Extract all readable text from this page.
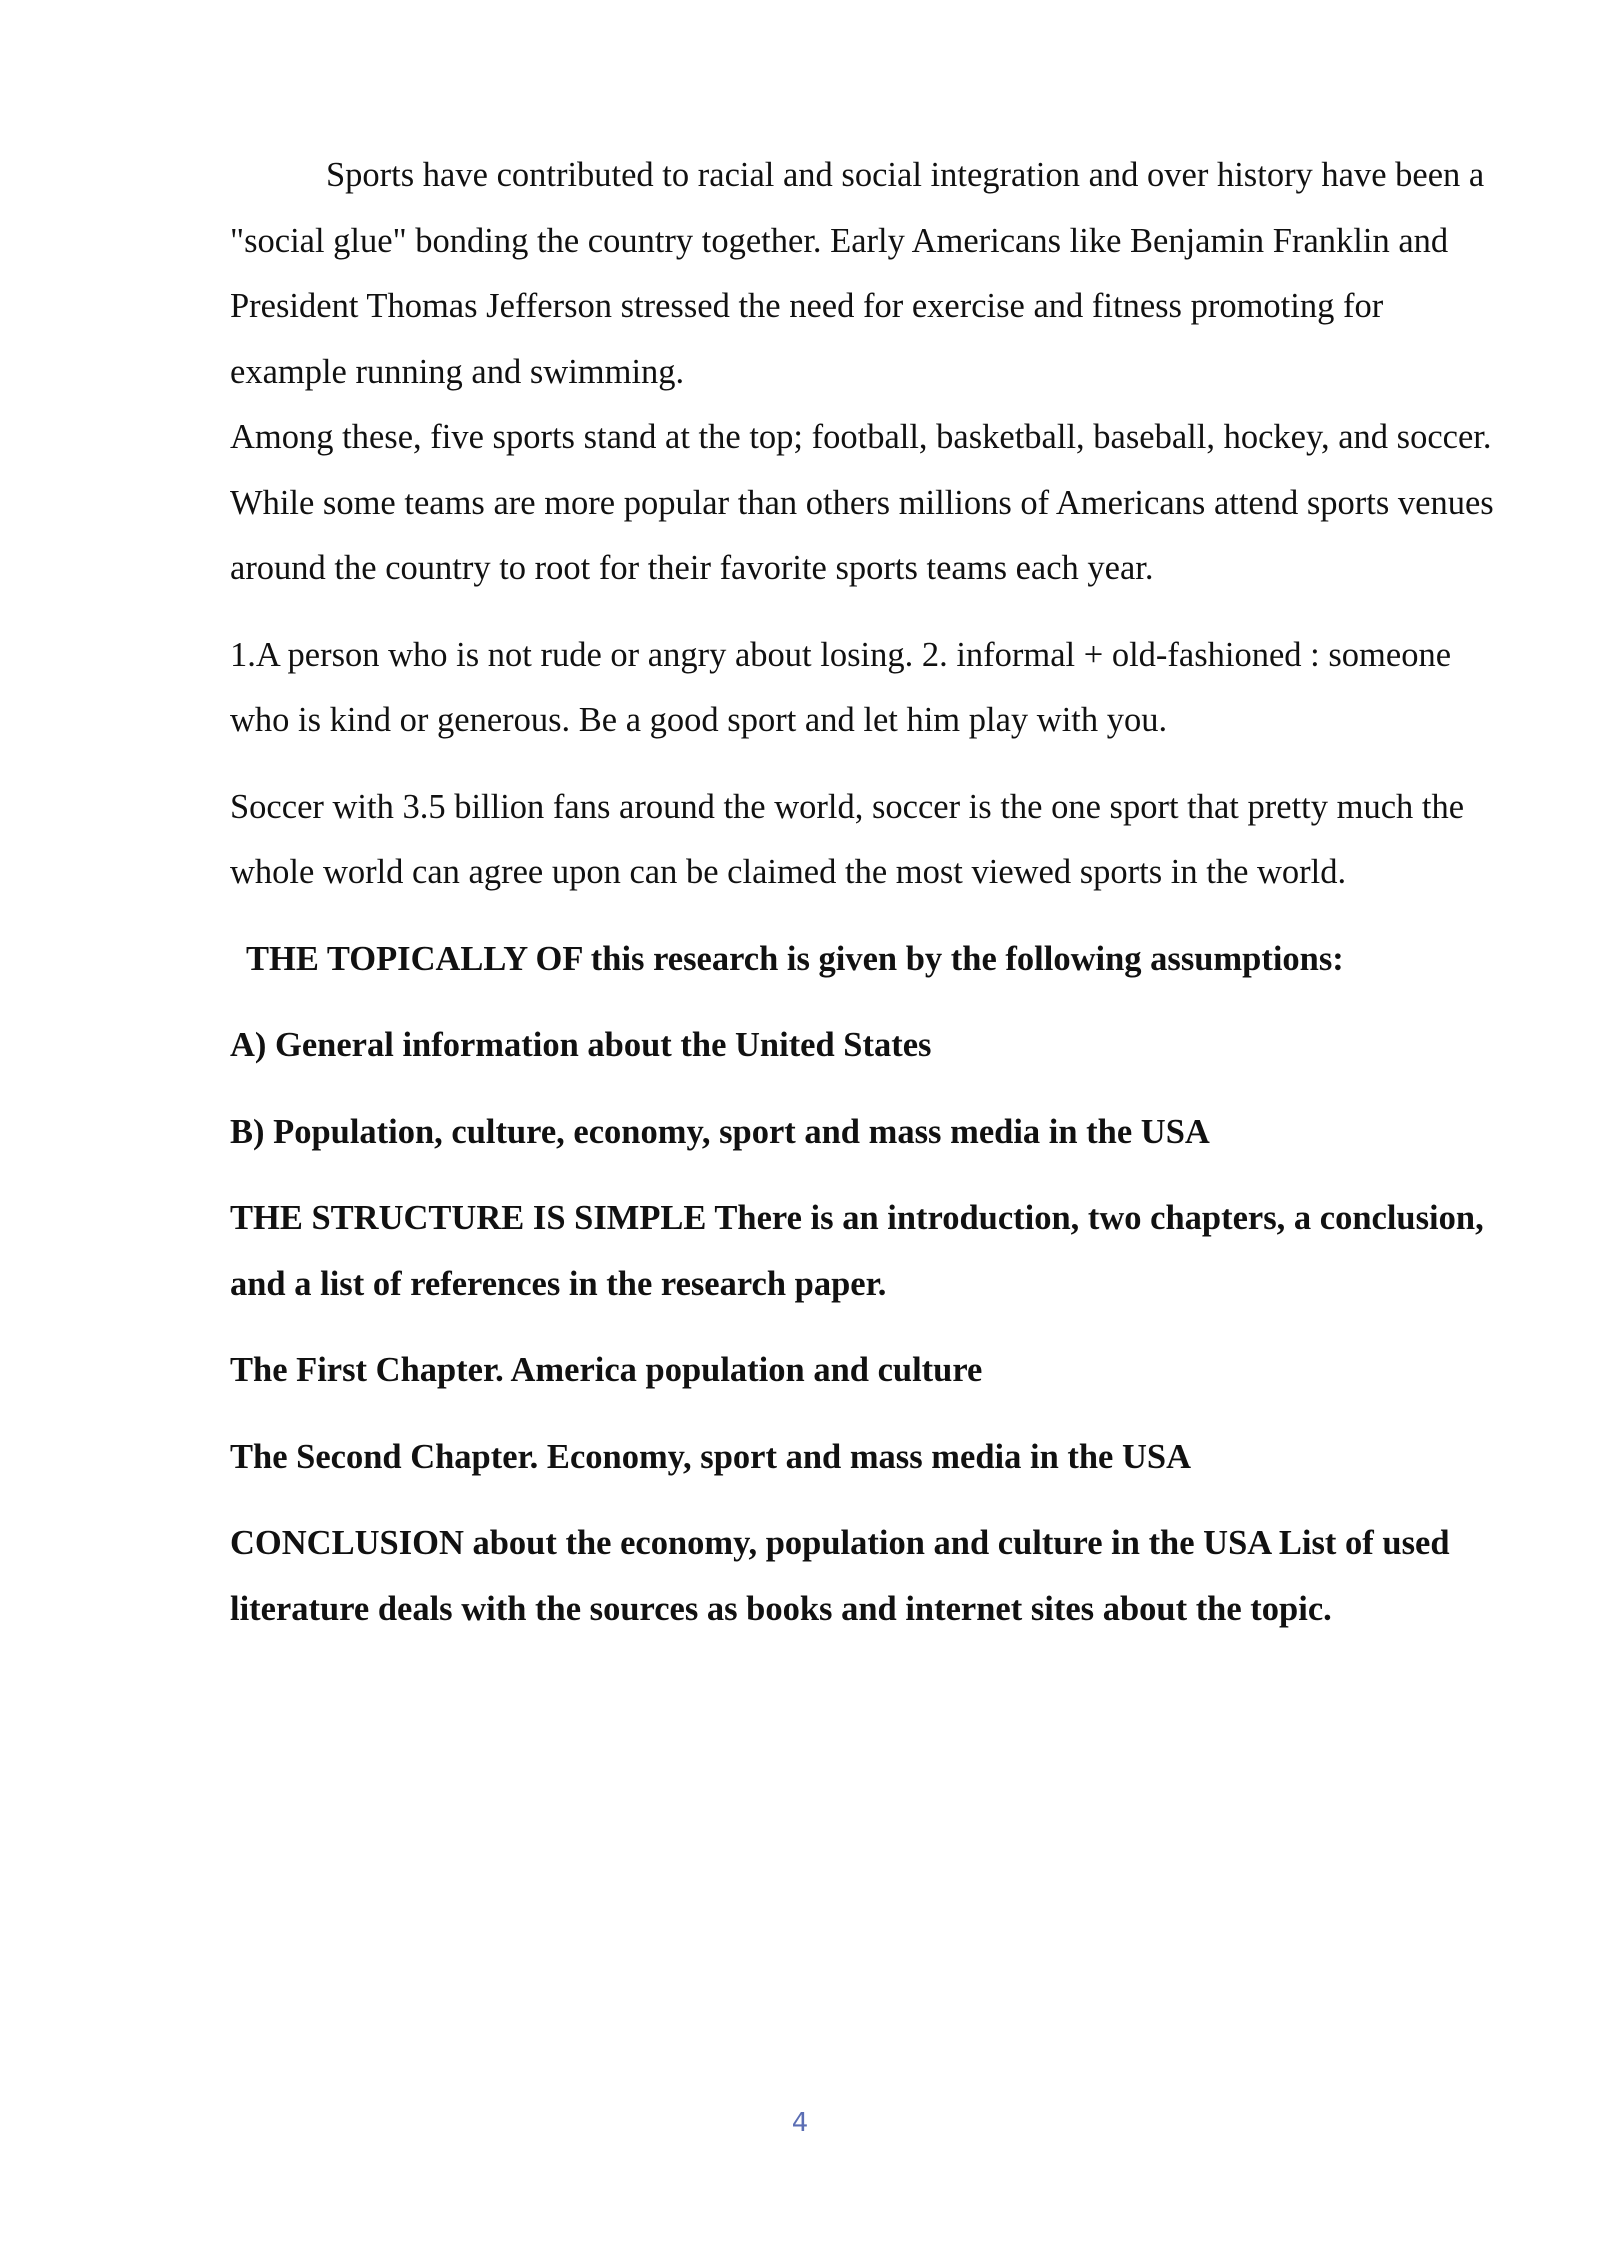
Sports have contributed to racial and social integration and over history have been a "social glue" bonding the country together. Early Americans like Benjamin Franklin and President Thomas Jefferson stressed the need for exercise and fitness promoting for example running and swimming.

Among these, five sports stand at the top; football, basketball, baseball, hockey, and soccer. While some teams are more popular than others millions of Americans attend sports venues around the country to root for their favorite sports teams each year.

1.A person who is not rude or angry about losing. 2. informal + old-fashioned : someone who is kind or generous. Be a good sport and let him play with you.

Soccer with 3.5 billion fans around the world, soccer is the one sport that pretty much the whole world can agree upon can be claimed the most viewed sports in the world.

THE TOPICALLY OF this research is given by the following assumptions:

A) General information about the United States

B) Population, culture, economy, sport and mass media in the USA

THE STRUCTURE IS SIMPLE There is an introduction, two chapters, a conclusion, and a list of references in the research paper.

The First Chapter. America population and culture

The Second Chapter. Economy, sport and mass media in the USA

CONCLUSION about the economy, population and culture in the USA List of used literature deals with the sources as books and internet sites about the topic.

4
